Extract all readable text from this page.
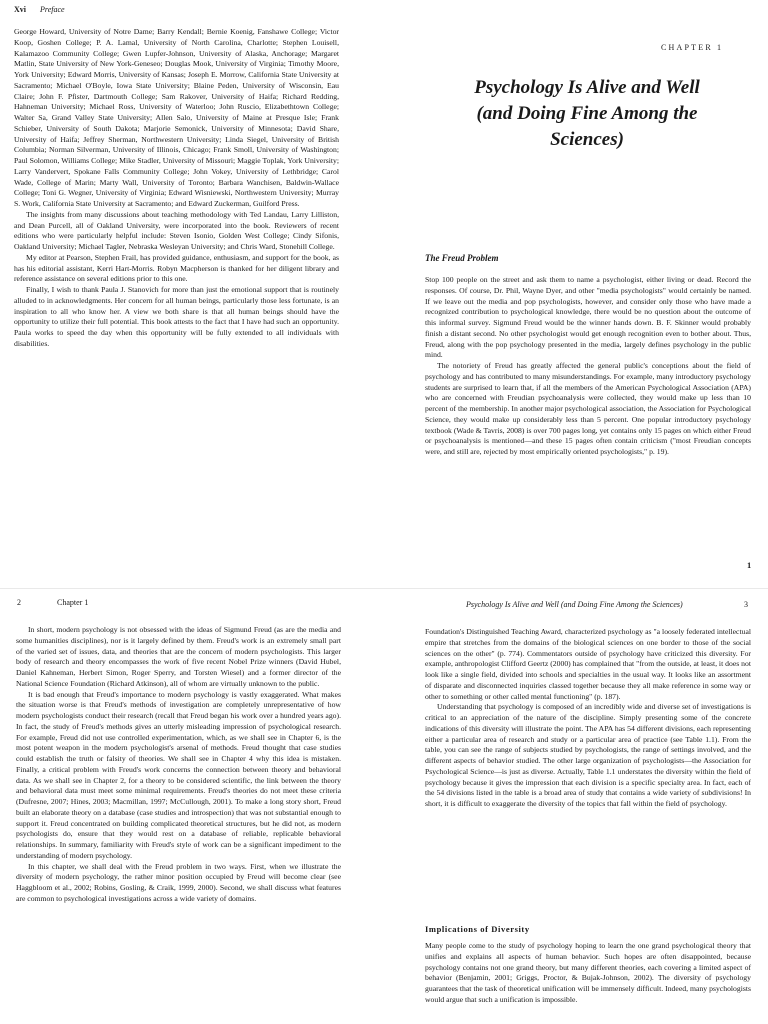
Xvi Preface

George Howard, University of Notre Dame; Barry Kendall; Bernie Koenig, Fanshawe College; Victor Koop, Goshen College; P. A. Lamal, University of North Carolina, Charlotte; Stephen Louisell, Kalamazoo Community College; Gwen Lupfer-Johnson, University of Alaska, Anchorage; Margaret Matlin, State University of New York-Geneseo; Douglas Mook, University of Virginia; Timothy Moore, York University; Edward Morris, University of Kansas; Joseph E. Morrow, California State University at Sacramento; Michael O'Boyle, Iowa State University; Blaine Peden, University of Wisconsin, Eau Claire; John F. Pfister, Dartmouth College; Sam Rakover, University of Haifa; Richard Redding, Hahneman University; Michael Ross, University of Waterloo; John Ruscio, Elizabethtown College; Walter Sa, Grand Valley State University; Allen Salo, University of Maine at Presque Isle; Frank Schieber, University of South Dakota; Marjorie Semonick, University of Minnesota; David Share, University of Haifa; Jeffrey Sherman, Northwestern University; Linda Siegel, University of British Columbia; Norman Silverman, University of Illinois, Chicago; Frank Smoll, University of Washington; Paul Solomon, Williams College; Mike Stadler, University of Missouri; Maggie Toplak, York University; Larry Vandervert, Spokane Falls Community College; John Vokey, University of Lethbridge; Carol Wade, College of Marin; Marty Wall, University of Toronto; Barbara Wanchisen, Baldwin-Wallace College; Toni G. Wegner, University of Virginia; Edward Wisniewski, Northwestern University; Murray S. Work, California State University at Sacramento; and Edward Zuckerman, Guilford Press.

The insights from many discussions about teaching methodology with Ted Landau, Larry Lilliston, and Dean Purcell, all of Oakland University, were incorporated into the book. Reviewers of recent editions who were particularly helpful include: Steven Isonio, Golden West College; Cindy Sifonis, Oakland University; Michael Tagler, Nebraska Wesleyan University; and Chris Ward, Stonehill College.

My editor at Pearson, Stephen Frail, has provided guidance, enthusiasm, and support for the book, as has his editorial assistant, Kerri Hart-Morris. Robyn Macpherson is thanked for her diligent library and reference assistance on several editions prior to this one.

Finally, I wish to thank Paula J. Stanovich for more than just the emotional support that is routinely alluded to in acknowledgments. Her concern for all human beings, particularly those less fortunate, is an inspiration to all who know her. A view we both share is that all human beings should have the opportunity to utilize their full potential. This book attests to the fact that I have had such an opportunity. Paula works to speed the day when this opportunity will be fully extended to all individuals with disabilities.

CHAPTER 1
Psychology Is Alive and Well (and Doing Fine Among the Sciences)
The Freud Problem

Stop 100 people on the street and ask them to name a psychologist, either living or dead. Record the responses. Of course, Dr. Phil, Wayne Dyer, and other "media psychologists" would certainly be named. If we leave out the media and pop psychologists, however, and consider only those who have made a recognized contribution to psychological knowledge, there would be no question about the outcome of this informal survey. Sigmund Freud would be the winner hands down. B. F. Skinner would probably finish a distant second. No other psychologist would get enough recognition even to bother about. Thus, Freud, along with the pop psychology presented in the media, largely defines psychology in the public mind.

The notoriety of Freud has greatly affected the general public's conceptions about the field of psychology and has contributed to many misunderstandings. For example, many introductory psychology students are surprised to learn that, if all the members of the American Psychological Association (APA) who are concerned with Freudian psychoanalysis were collected, they would make up less than 10 percent of the membership. In another major psychological association, the Association for Psychological Science, they would make up considerably less than 5 percent. One popular introductory psychology textbook (Wade & Tavris, 2008) is over 700 pages long, yet contains only 15 pages on which either Freud or psychoanalysis is mentioned—and these 15 pages often contain criticism ("most Freudian concepts were, and still are, rejected by most empirically oriented psychologists," p. 19).

1
2	Chapter 1

In short, modern psychology is not obsessed with the ideas of Sigmund Freud (as are the media and some humanities disciplines), nor is it largely defined by them. Freud's work is an extremely small part of the varied set of issues, data, and theories that are the concern of modern psychologists. This larger body of research and theory encompasses the work of five recent Nobel Prize winners (David Hubel, Daniel Kahneman, Herbert Simon, Roger Sperry, and Torsten Wiesel) and a former director of the National Science Foundation (Richard Atkinson), all of whom are virtually unknown to the public.

It is bad enough that Freud's importance to modern psychology is vastly exaggerated. What makes the situation worse is that Freud's methods of investigation are completely unrepresentative of how modern psychologists conduct their research (recall that Freud began his work over a hundred years ago). In fact, the study of Freud's methods gives an utterly misleading impression of psychological research. For example, Freud did not use controlled experimentation, which, as we shall see in Chapter 6, is the most potent weapon in the modern psychologist's arsenal of methods. Freud thought that case studies could establish the truth or falsity of theories. We shall see in Chapter 4 why this idea is mistaken. Finally, a critical problem with Freud's work concerns the connection between theory and behavioral data. As we shall see in Chapter 2, for a theory to be considered scientific, the link between the theory and behavioral data must meet some minimal requirements. Freud's theories do not meet these criteria (Dufresne, 2007; Hines, 2003; Macmillan, 1997; McCullough, 2001). To make a long story short, Freud built an elaborate theory on a database (case studies and introspection) that was not substantial enough to support it. Freud concentrated on building complicated theoretical structures, but he did not, as modern psychologists do, ensure that they would rest on a database of reliable, replicable behavioral relationships. In summary, familiarity with Freud's style of work can be a significant impediment to the understanding of modern psychology.

In this chapter, we shall deal with the Freud problem in two ways. First, when we illustrate the diversity of modern psychology, the rather minor position occupied by Freud will become clear (see Haggbloom et al., 2002; Robins, Gosling, & Craik, 1999, 2000). Second, we shall discuss what features are common to psychological investigations across a wide variety of domains.

Psychology Is Alive and Well (and Doing Fine Among the Sciences)	3

Foundation's Distinguished Teaching Award, characterized psychology as "a loosely federated intellectual empire that stretches from the domains of the biological sciences on one border to those of the social sciences on the other" (p. 774). Commentators outside of psychology have criticized this diversity. For example, anthropologist Clifford Geertz (2000) has complained that "from the outside, at least, it does not look like a single field, divided into schools and specialties in the usual way. It looks like an assortment of disparate and disconnected inquiries classed together because they all make reference in some way or other to something or other called mental functioning" (p. 187).

Understanding that psychology is composed of an incredibly wide and diverse set of investigations is critical to an appreciation of the nature of the discipline. Simply presenting some of the concrete indications of this diversity will illustrate the point. The APA has 54 different divisions, each representing either a particular area of research and study or a particular area of practice (see Table 1.1). From the table, you can see the range of subjects studied by psychologists, the range of settings involved, and the different aspects of behavior studied. The other large organization of psychologists—the Association for Psychological Science—is just as diverse. Actually, Table 1.1 understates the diversity within the field of psychology because it gives the impression that each division is a specific specialty area. In fact, each of the 54 divisions listed in the table is a broad area of study that contains a wide variety of subdivisions! In short, it is difficult to exaggerate the diversity of the topics that fall within the field of psychology.

Implications of Diversity

Many people come to the study of psychology hoping to learn the one grand psychological theory that unifies and explains all aspects of human behavior. Such hopes are often disappointed, because psychology contains not one grand theory, but many different theories, each covering a limited aspect of behavior (Benjamin, 2001; Griggs, Proctor, & Bujak-Johnson, 2002). The diversity of psychology guarantees that the task of theoretical unification will be immensely difficult. Indeed, many psychologists would argue that such a unification is impossible.
